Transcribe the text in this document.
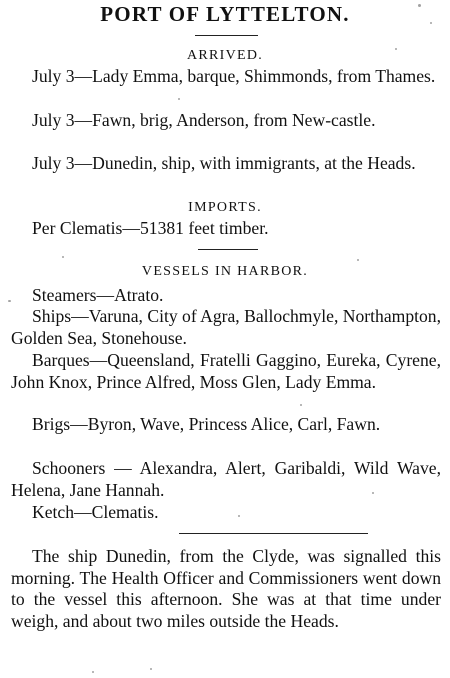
PORT OF LYTTELTON.
ARRIVED.

July 3—Lady Emma, barque, Shimmonds, from Thames.

July 3—Fawn, brig, Anderson, from New-castle.

July 3—Dunedin, ship, with immigrants, at the Heads.

IMPORTS.

Per Clematis—51381 feet timber.

VESSELS IN HARBOR.

Steamers—Atrato.

Ships—Varuna, City of Agra, Ballochmyle, Northampton, Golden Sea, Stonehouse.

Barques—Queensland, Fratelli Gaggino, Eureka, Cyrene, John Knox, Prince Alfred, Moss Glen, Lady Emma.

Brigs—Byron, Wave, Princess Alice, Carl, Fawn.

Schooners — Alexandra, Alert, Garibaldi, Wild Wave, Helena, Jane Hannah.

Ketch—Clematis.

The ship Dunedin, from the Clyde, was signalled this morning. The Health Officer and Commissioners went down to the vessel this afternoon. She was at that time under weigh, and about two miles outside the Heads.
